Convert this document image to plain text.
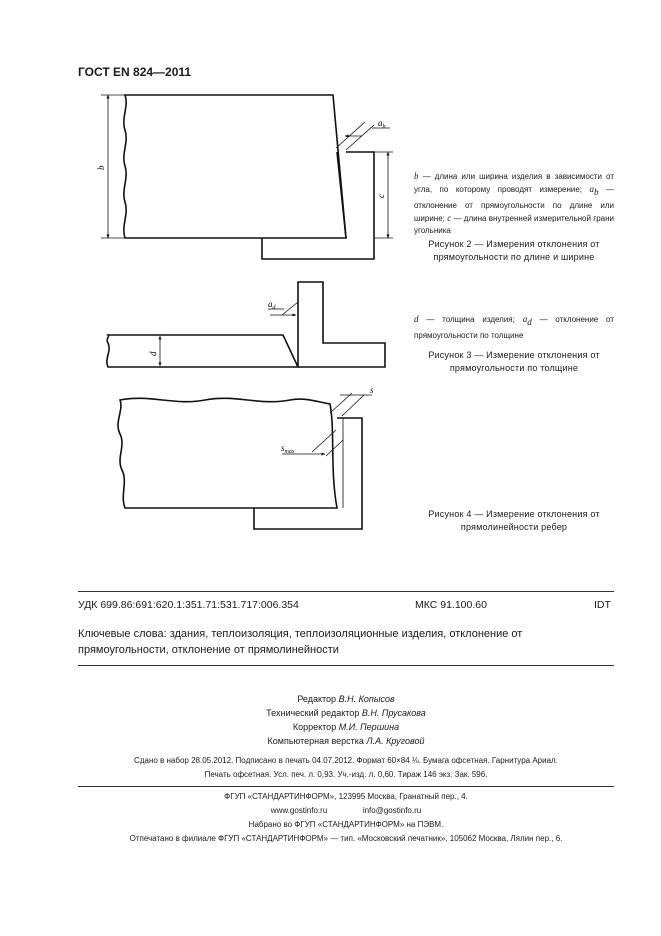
ГОСТ EN 824—2011
b
c
$a_b$
d
$a_d$
s
$s_{max}$
b — длина или ширина изделия в зависимости от угла, по которому проводят измерение; $a_b$ — отклонение от прямоугольности по длине или ширине; c — длина внутренней измерительной грани угольника
Рисунок 2 — Измерения отклонения от прямоугольности по длине и ширине
d — толщина изделия; $a_d$ — отклонение от прямоугольности по толщине
Рисунок 3 — Измерение отклонения от прямоугольности по толщине
Рисунок 4 — Измерение отклонения от прямолинейности ребер
УДК 699.86:691:620.1:351.71:531.717:006.354	МКС 91.100.60	IDT
Ключевые слова: здания, теплоизоляция, теплоизоляционные изделия, отклонение от прямоугольности, отклонение от прямолинейности
Редактор В.Н. Копысов
Технический редактор В.Н. Прусакова
Корректор М.И. Першина
Компьютерная верстка Л.А. Круговой
Сдано в набор 28.05.2012. Подписано в печать 04.07.2012. Формат 60×84 ⅛. Бумага офсетная. Гарнитура Ариал.
Печать офсетная. Усл. печ. л. 0,93. Уч.-изд. л. 0,60. Тираж 146 экз. Зак. 596.
ФГУП «СТАНДАРТИНФОРМ», 123995 Москва, Гранатный пер., 4.
www.gostinfo.ru	info@gostinfo.ru
Набрано во ФГУП «СТАНДАРТИНФОРМ» на ПЭВМ.
Отпечатано в филиале ФГУП «СТАНДАРТИНФОРМ» — тип. «Московский печатник», 105062 Москва, Лялин пер., 6.
